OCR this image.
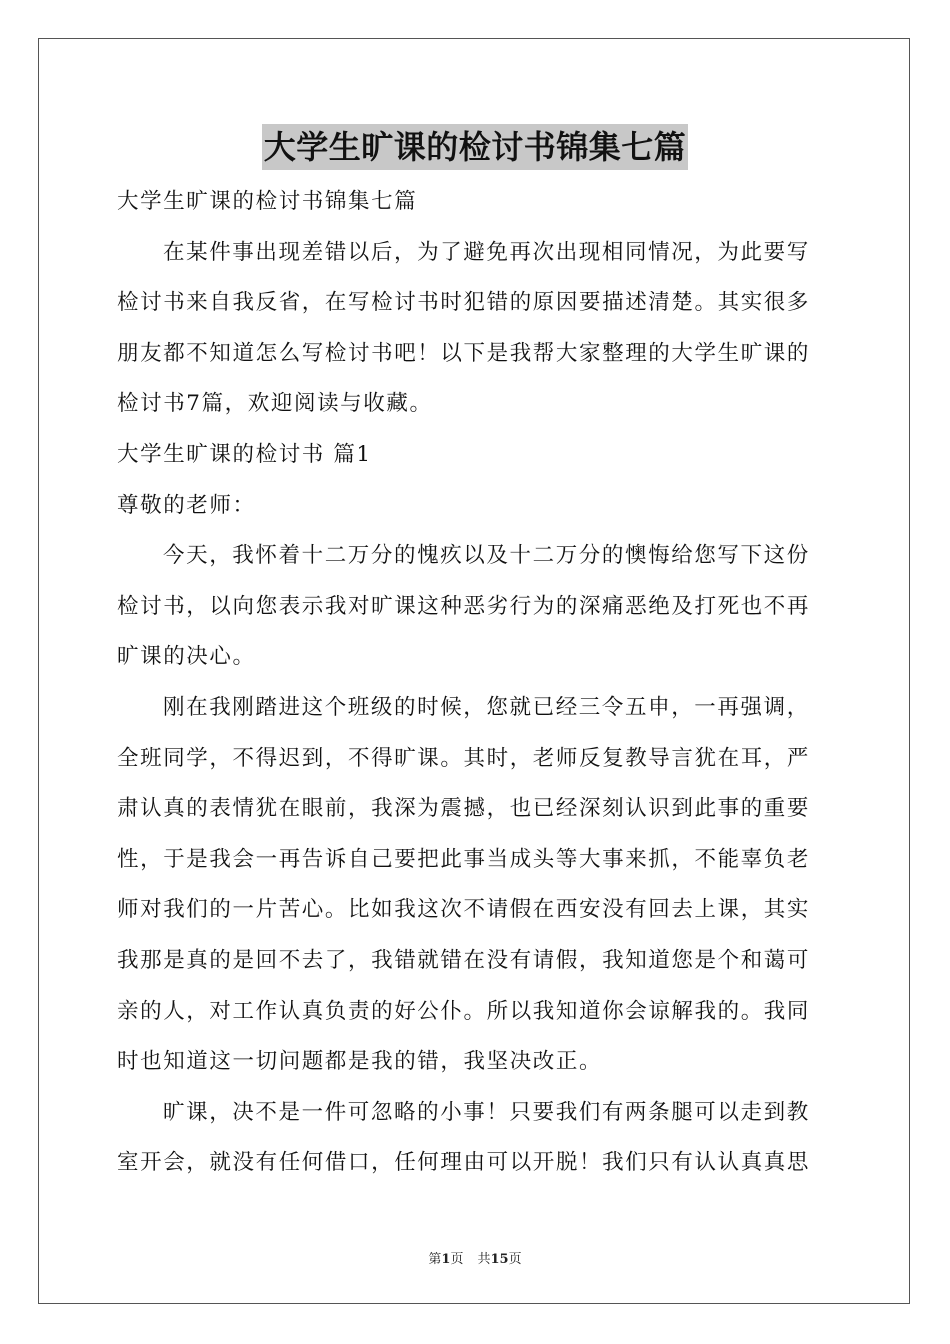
大学生旷课的检讨书锦集七篇
大学生旷课的检讨书锦集七篇
在某件事出现差错以后，为了避免再次出现相同情况，为此要写
检讨书来自我反省，在写检讨书时犯错的原因要描述清楚。其实很多
朋友都不知道怎么写检讨书吧！以下是我帮大家整理的大学生旷课的
检讨书7篇，欢迎阅读与收藏。
大学生旷课的检讨书 篇1
尊敬的老师：
今天，我怀着十二万分的愧疚以及十二万分的懊悔给您写下这份
检讨书，以向您表示我对旷课这种恶劣行为的深痛恶绝及打死也不再
旷课的决心。
刚在我刚踏进这个班级的时候，您就已经三令五申，一再强调，
全班同学，不得迟到，不得旷课。其时，老师反复教导言犹在耳，严
肃认真的表情犹在眼前，我深为震撼，也已经深刻认识到此事的重要
性，于是我会一再告诉自己要把此事当成头等大事来抓，不能辜负老
师对我们的一片苦心。比如我这次不请假在西安没有回去上课，其实
我那是真的是回不去了，我错就错在没有请假，我知道您是个和蔼可
亲的人，对工作认真负责的好公仆。所以我知道你会谅解我的。我同
时也知道这一切问题都是我的错，我坚决改正。
旷课，决不是一件可忽略的小事！只要我们有两条腿可以走到教
室开会，就没有任何借口，任何理由可以开脱！我们只有认认真真思
第1页 共15页
